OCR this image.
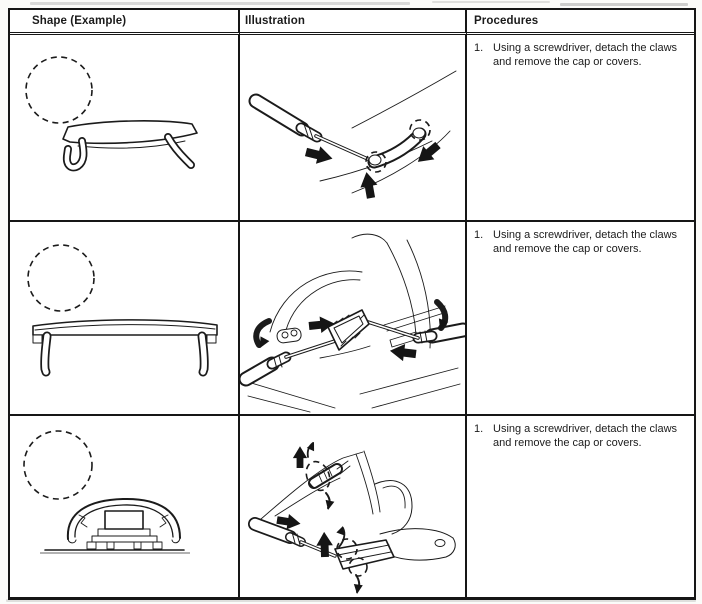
Shape (Example)	Illustration	Procedures
1. Using a screwdriver, detach the claws
and remove the cap or covers.
1. Using a screwdriver, detach the claws
and remove the cap or covers.
1. Using a screwdriver, detach the claws
and remove the cap or covers.
